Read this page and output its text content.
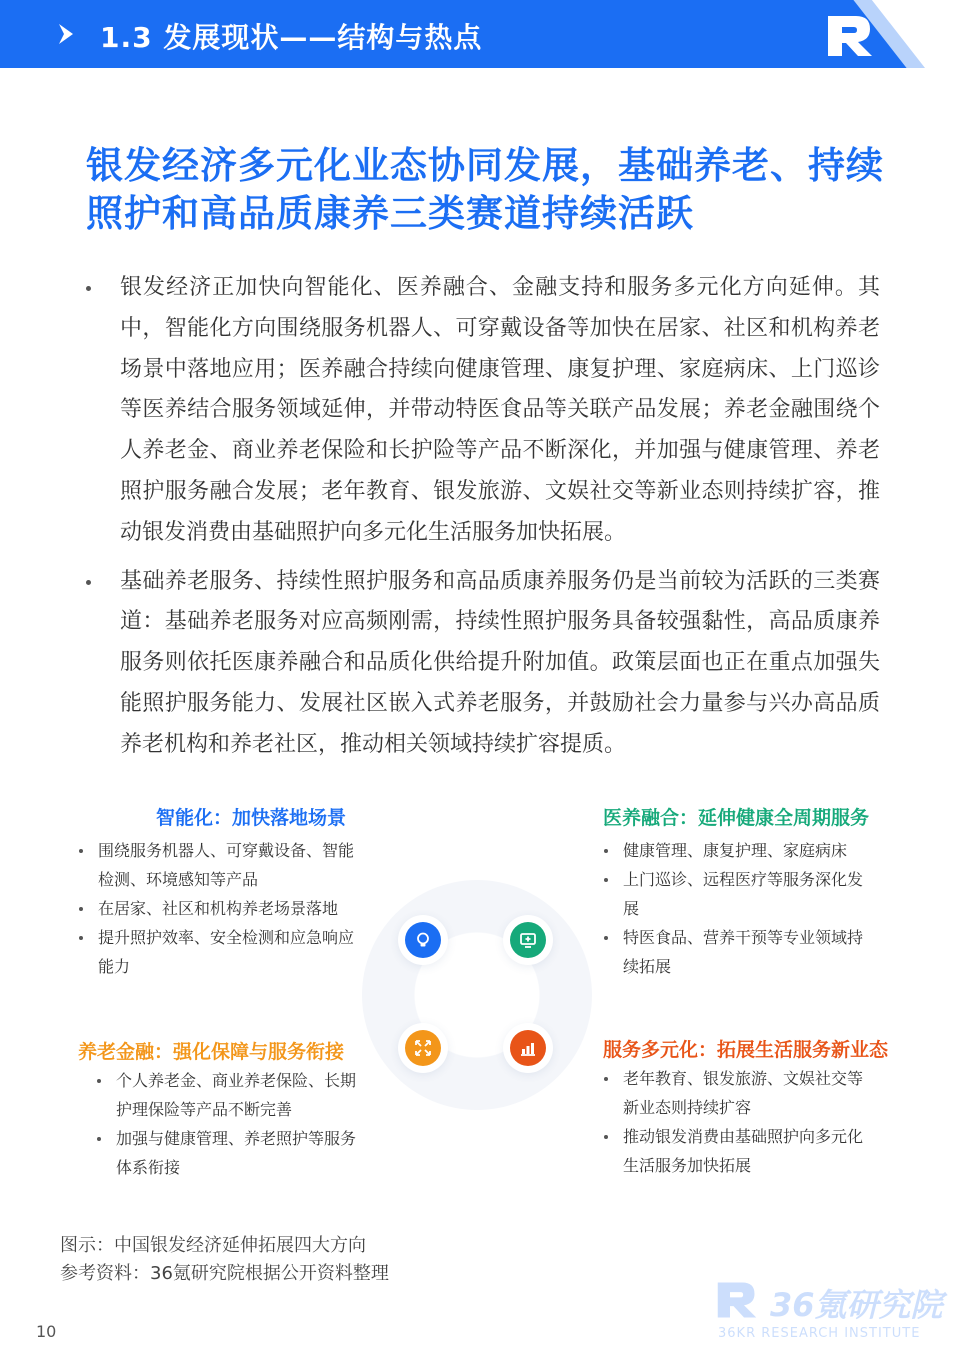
1.3 发展现状——结构与热点
银发经济多元化业态协同发展，基础养老、持续照护和高品质康养三类赛道持续活跃
银发经济正加快向智能化、医养融合、金融支持和服务多元化方向延伸。其中，智能化方向围绕服务机器人、可穿戴设备等加快在居家、社区和机构养老场景中落地应用；医养融合持续向健康管理、康复护理、家庭病床、上门巡诊等医养结合服务领域延伸，并带动特医食品等关联产品发展；养老金融围绕个人养老金、商业养老保险和长护险等产品不断深化，并加强与健康管理、养老照护服务融合发展；老年教育、银发旅游、文娱社交等新业态则持续扩容，推动银发消费由基础照护向多元化生活服务加快拓展。
基础养老服务、持续性照护服务和高品质康养服务仍是当前较为活跃的三类赛道：基础养老服务对应高频刚需，持续性照护服务具备较强黏性，高品质康养服务则依托医康养融合和品质化供给提升附加值。政策层面也正在重点加强失能照护服务能力、发展社区嵌入式养老服务，并鼓励社会力量参与兴办高品质养老机构和养老社区，推动相关领域持续扩容提质。
智能化：加快落地场景
围绕服务机器人、可穿戴设备、智能检测、环境感知等产品
在居家、社区和机构养老场景落地
提升照护效率、安全检测和应急响应能力
医养融合：延伸健康全周期服务
健康管理、康复护理、家庭病床
上门巡诊、远程医疗等服务深化发展
特医食品、营养干预等专业领域持续拓展
养老金融：强化保障与服务衔接
个人养老金、商业养老保险、长期护理保险等产品不断完善
加强与健康管理、养老照护等服务体系衔接
服务多元化：拓展生活服务新业态
老年教育、银发旅游、文娱社交等新业态则持续扩容
推动银发消费由基础照护向多元化生活服务加快拓展
图示：中国银发经济延伸拓展四大方向
参考资料：36氪研究院根据公开资料整理
10
36氪研究院
36KR RESEARCH INSTITUTE
